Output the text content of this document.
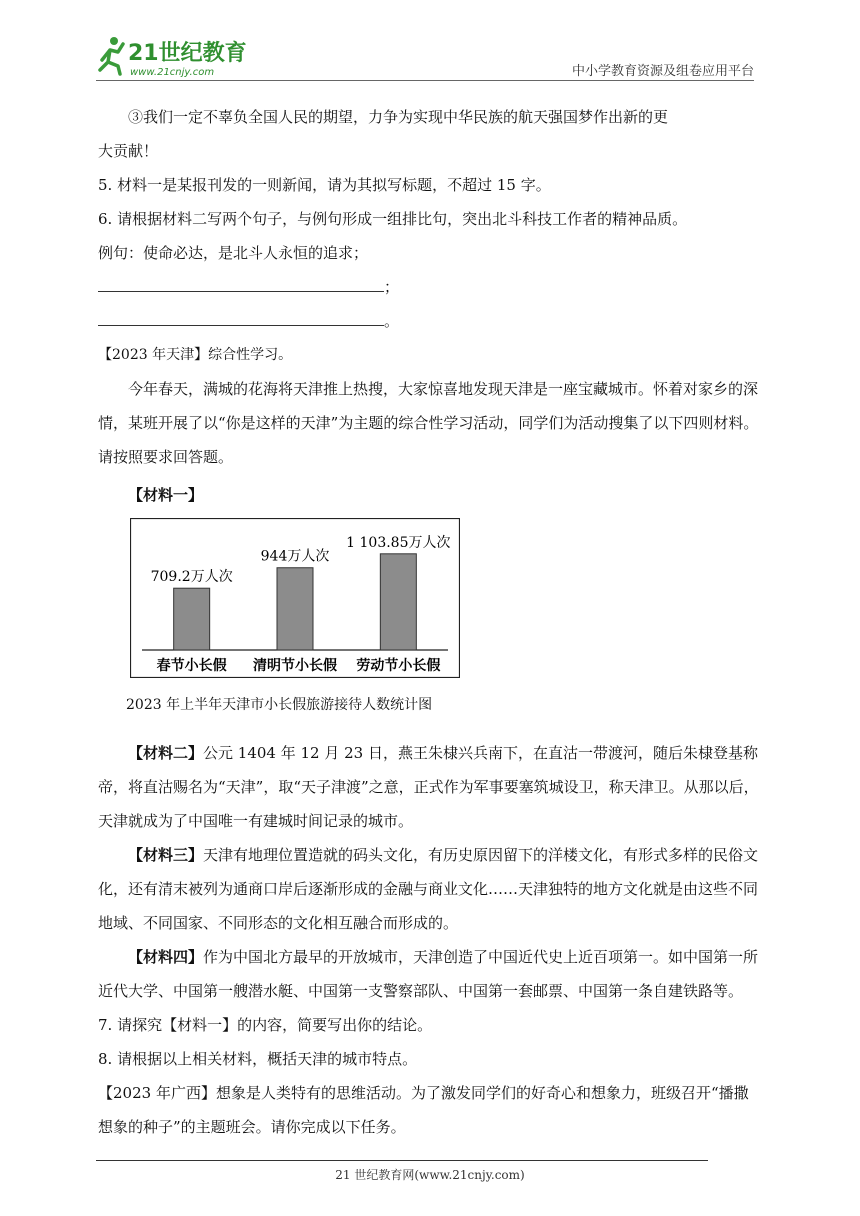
21世纪教育
www.21cnjy.com	中小学教育资源及组卷应用平台

③我们一定不辜负全国人民的期望，力争为实现中华民族的航天强国梦作出新的更

大贡献！

5. 材料一是某报刊发的一则新闻，请为其拟写标题，不超过 15 字。

6. 请根据材料二写两个句子，与例句形成一组排比句，突出北斗科技工作者的精神品质。

例句：使命必达，是北斗人永恒的追求；

；

。

【2023 年天津】综合性学习。

今年春天，满城的花海将天津推上热搜，大家惊喜地发现天津是一座宝藏城市。怀着对家乡的深情，某班开展了以“你是这样的天津”为主题的综合性学习活动，同学们为活动搜集了以下四则材料。请按照要求回答题。

【材料一】

709.2万人次
春节小长假
944万人次
清明节小长假
1 103.85万人次
劳动节小长假

2023 年上半年天津市小长假旅游接待人数统计图

【材料二】公元 1404 年 12 月 23 日，燕王朱棣兴兵南下，在直沽一带渡河，随后朱棣登基称帝，将直沽赐名为“天津”，取“天子津渡”之意，正式作为军事要塞筑城设卫，称天津卫。从那以后，天津就成为了中国唯一有建城时间记录的城市。

【材料三】天津有地理位置造就的码头文化，有历史原因留下的洋楼文化，有形式多样的民俗文化，还有清末被列为通商口岸后逐渐形成的金融与商业文化……天津独特的地方文化就是由这些不同地域、不同国家、不同形态的文化相互融合而形成的。

【材料四】作为中国北方最早的开放城市，天津创造了中国近代史上近百项第一。如中国第一所近代大学、中国第一艘潜水艇、中国第一支警察部队、中国第一套邮票、中国第一条自建铁路等。

7. 请探究【材料一】的内容，简要写出你的结论。

8. 请根据以上相关材料，概括天津的城市特点。

【2023 年广西】想象是人类特有的思维活动。为了激发同学们的好奇心和想象力，班级召开“播撒想象的种子”的主题班会。请你完成以下任务。

21 世纪教育网(www.21cnjy.com)
